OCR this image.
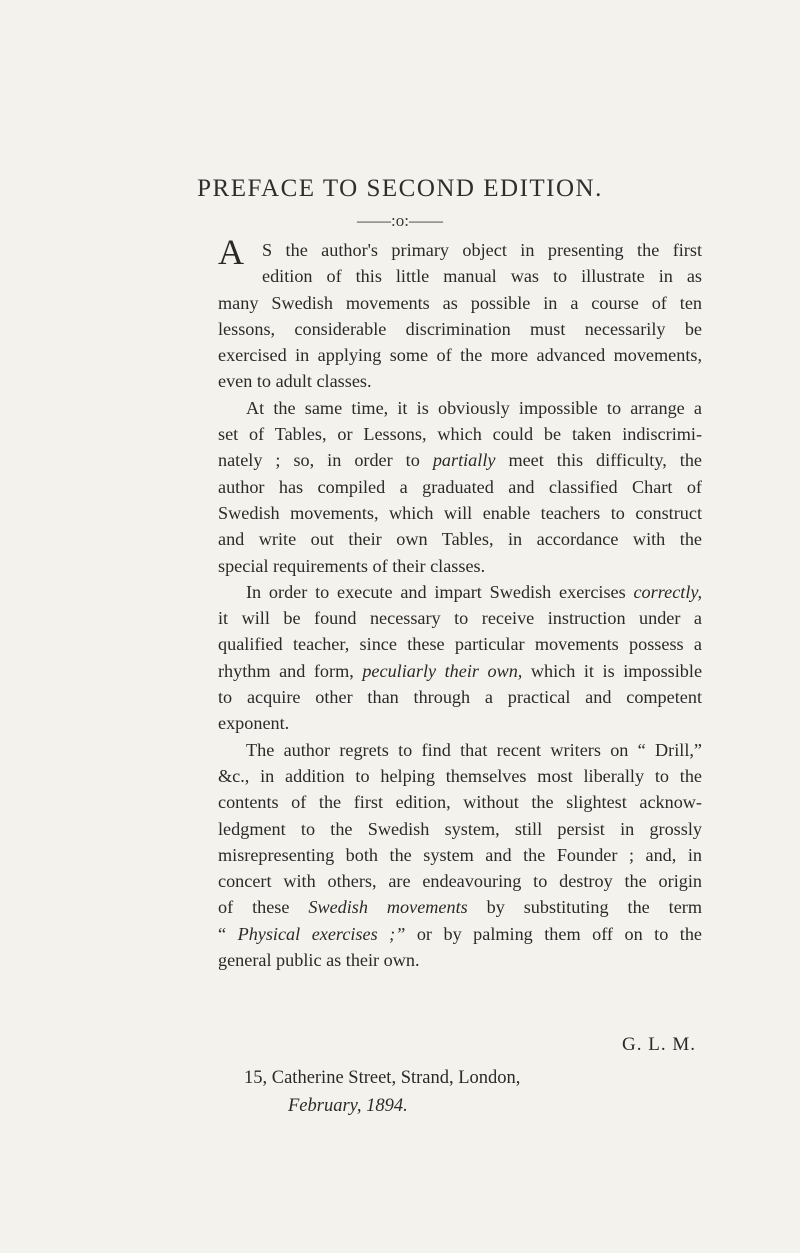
PREFACE TO SECOND EDITION.
——:o:——
A S the author's primary object in presenting the first
edition of this little manual was to illustrate in as
many Swedish movements as possible in a course of ten
lessons, considerable discrimination must necessarily be
exercised in applying some of the more advanced movements,
even to adult classes.
At the same time, it is obviously impossible to arrange a
set of Tables, or Lessons, which could be taken indiscrimi-
nately ; so, in order to partially meet this difficulty, the
author has compiled a graduated and classified Chart of
Swedish movements, which will enable teachers to construct
and write out their own Tables, in accordance with the
special requirements of their classes.
In order to execute and impart Swedish exercises correctly,
it will be found necessary to receive instruction under a
qualified teacher, since these particular movements possess a
rhythm and form, peculiarly their own, which it is impossible
to acquire other than through a practical and competent
exponent.
The author regrets to find that recent writers on “ Drill,”
&c., in addition to helping themselves most liberally to the
contents of the first edition, without the slightest acknow-
ledgment to the Swedish system, still persist in grossly
misrepresenting both the system and the Founder ; and, in
concert with others, are endeavouring to destroy the origin
of these Swedish movements by substituting the term
“ Physical exercises ;” or by palming them off on to the
general public as their own.
G. L. M.
15, Catherine Street, Strand, London,
February, 1894.
